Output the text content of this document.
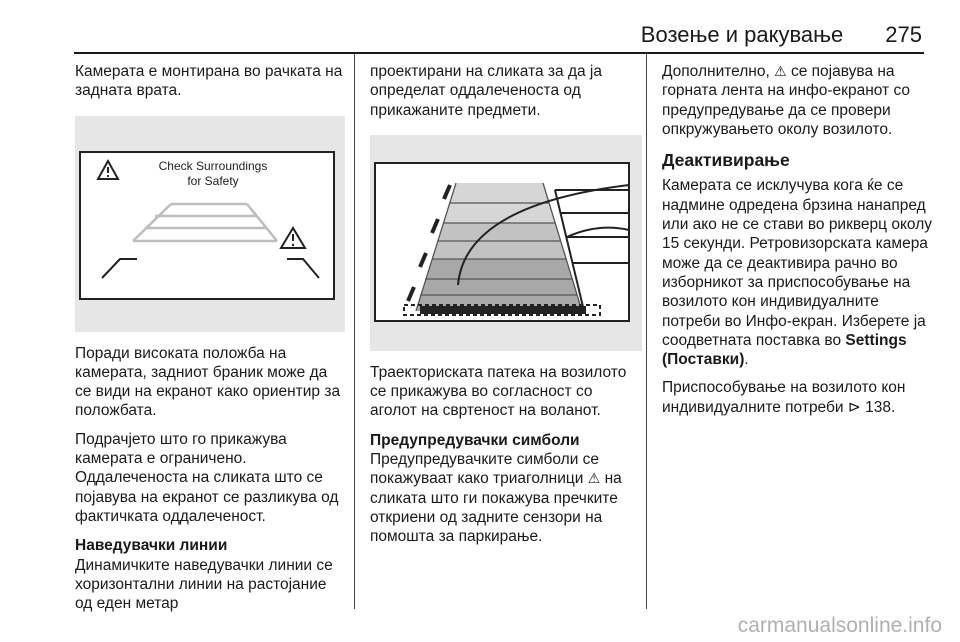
Возење и ракување 275

Камерата е монтирана во рачката на задната врата.

Check Surroundings
for Safety

Поради високата положба на камерата, задниот браник може да се види на екранот како ориентир за положбата.

Подрачјето што го прикажува камерата е ограничено. Оддалеченоста на сликата што се појавува на екранот се разликува од фактичката оддалеченост.

Наведувачки линии

Динамичките наведувачки линии се хоризонтални линии на растојание од еден метар

проектирани на сликата за да ја определат оддалеченоста од прикажаните предмети.

Траекториската патека на возилото се прикажува во согласност со аголот на свртеност на воланот.

Предупредувачки симболи

Предупредувачките симболи се покажуваат како триаголници ⚠ на сликата што ги покажува пречките откриени од задните сензори на помошта за паркирање.

Дополнително, ⚠ се појавува на горната лента на инфо-екранот со предупредување да се провери опкружувањето околу возилото.

Деактивирање

Камерата се исклучува кога ќе се надмине одредена брзина нанапред или ако не се стави во рикверц околу 15 секунди. Ретровизорската камера може да се деактивира рачно во изборникот за приспособување на возилото кон индивидуалните потреби во Инфо-екран. Изберете ја соодветната поставка во Settings (Поставки).

Приспособување на возилото кон индивидуалните потреби ⊳ 138.

carmanualsonline.info
